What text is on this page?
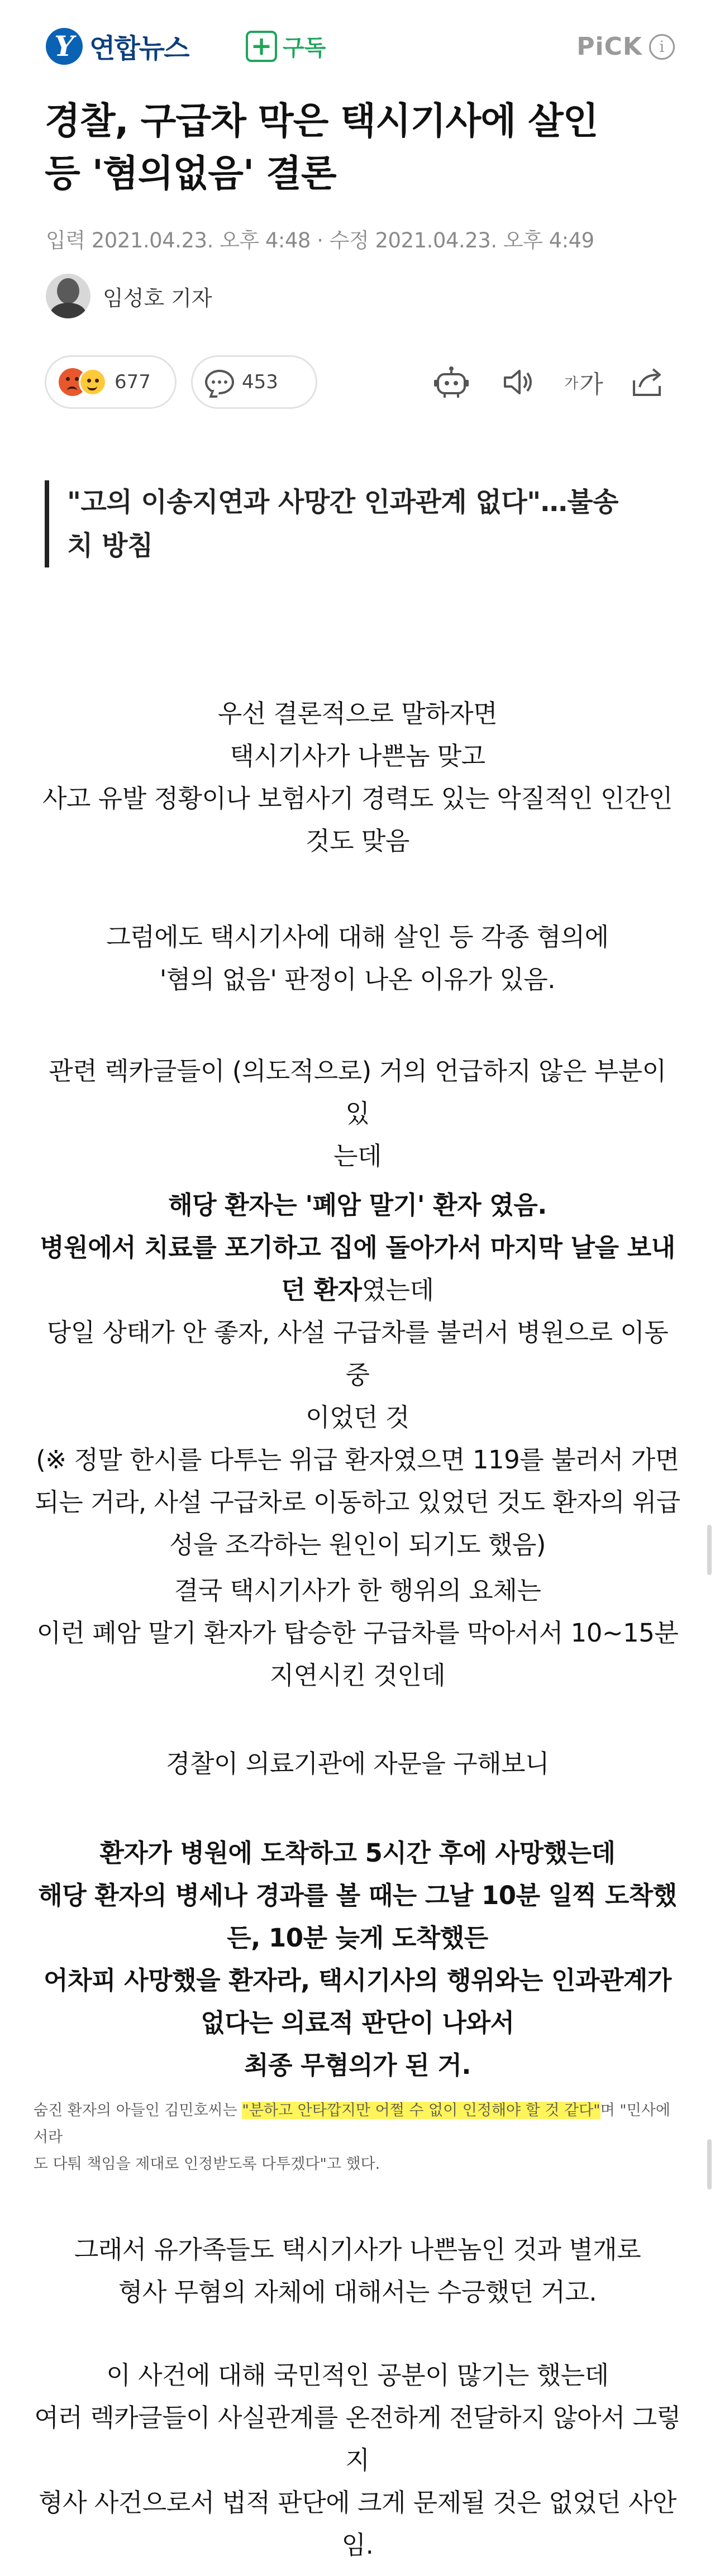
Y 연합뉴스 + 구독	PiCK	i
경찰, 구급차 막은 택시기사에 살인
등 '혐의없음' 결론
입력 2021.04.23. 오후 4:48 · 수정 2021.04.23. 오후 4:49
임성호 기자
677	453	가 가
"고의 이송지연과 사망간 인과관계 없다"…불송
치 방침
우선 결론적으로 말하자면
택시기사가 나쁜놈 맞고
사고 유발 정황이나 보험사기 경력도 있는 악질적인 인간인
것도 맞음
그럼에도 택시기사에 대해 살인 등 각종 혐의에
'혐의 없음' 판정이 나온 이유가 있음.
관련 렉카글들이 (의도적으로) 거의 언급하지 않은 부분이 있
는데
해당 환자는 '폐암 말기' 환자 였음.
병원에서 치료를 포기하고 집에 돌아가서 마지막 날을 보내
던 환자였는데
당일 상태가 안 좋자, 사설 구급차를 불러서 병원으로 이동 중
이었던 것
(※ 정말 한시를 다투는 위급 환자였으면 119를 불러서 가면
되는 거라, 사설 구급차로 이동하고 있었던 것도 환자의 위급
성을 조각하는 원인이 되기도 했음)
결국 택시기사가 한 행위의 요체는
이런 폐암 말기 환자가 탑승한 구급차를 막아서서 10~15분
지연시킨 것인데
경찰이 의료기관에 자문을 구해보니
환자가 병원에 도착하고 5시간 후에 사망했는데
해당 환자의 병세나 경과를 볼 때는 그날 10분 일찍 도착했
든, 10분 늦게 도착했든
어차피 사망했을 환자라, 택시기사의 행위와는 인과관계가
없다는 의료적 판단이 나와서
최종 무혐의가 된 거.
숨진 환자의 아들인 김민호씨는 "분하고 안타깝지만 어쩔 수 없이 인정해야 할 것 같다"며 "민사에서라
도 다퉈 책임을 제대로 인정받도록 다투겠다"고 했다.
그래서 유가족들도 택시기사가 나쁜놈인 것과 별개로
형사 무혐의 자체에 대해서는 수긍했던 거고.
이 사건에 대해 국민적인 공분이 많기는 했는데
여러 렉카글들이 사실관계를 온전하게 전달하지 않아서 그렇
지
형사 사건으로서 법적 판단에 크게 문제될 것은 없었던 사안
임.
